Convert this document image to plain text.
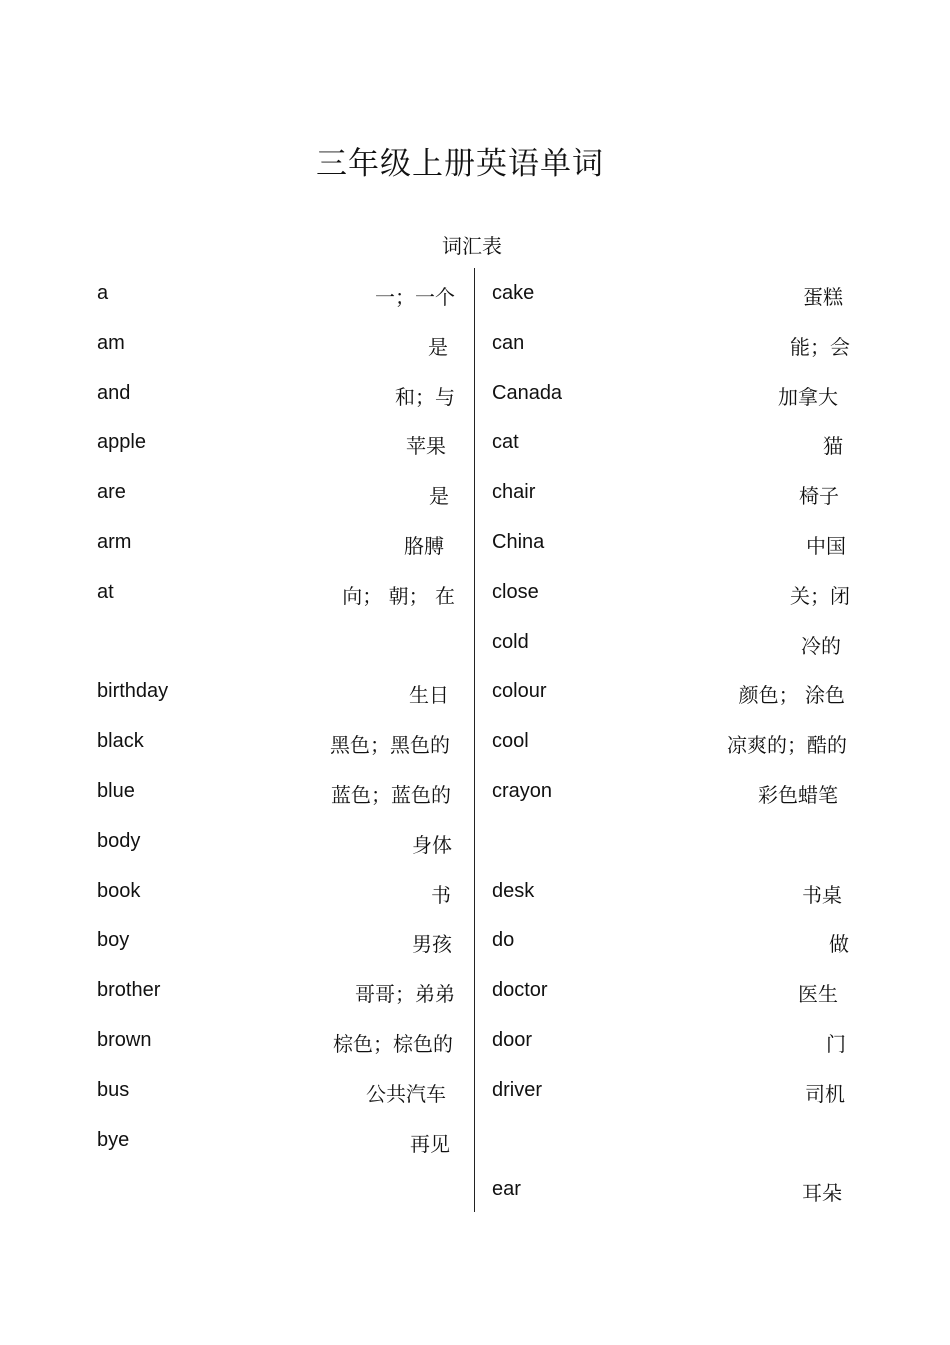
三年级上册英语单词
词汇表
a	一；一个
am	是
and	和；与
apple	苹果
are	是
arm	胳膊
at	向； 朝； 在
birthday	生日
black	黑色；黑色的
blue	蓝色；蓝色的
body	身体
book	书
boy	男孩
brother	哥哥；弟弟
brown	棕色；棕色的
bus	公共汽车
bye	再见
cake	蛋糕
can	能；会
Canada	加拿大
cat	猫
chair	椅子
China	中国
close	关；闭
cold	冷的
colour	颜色； 涂色
cool	凉爽的；酷的
crayon	彩色蜡笔
desk	书桌
do	做
doctor	医生
door	门
driver	司机
ear	耳朵
